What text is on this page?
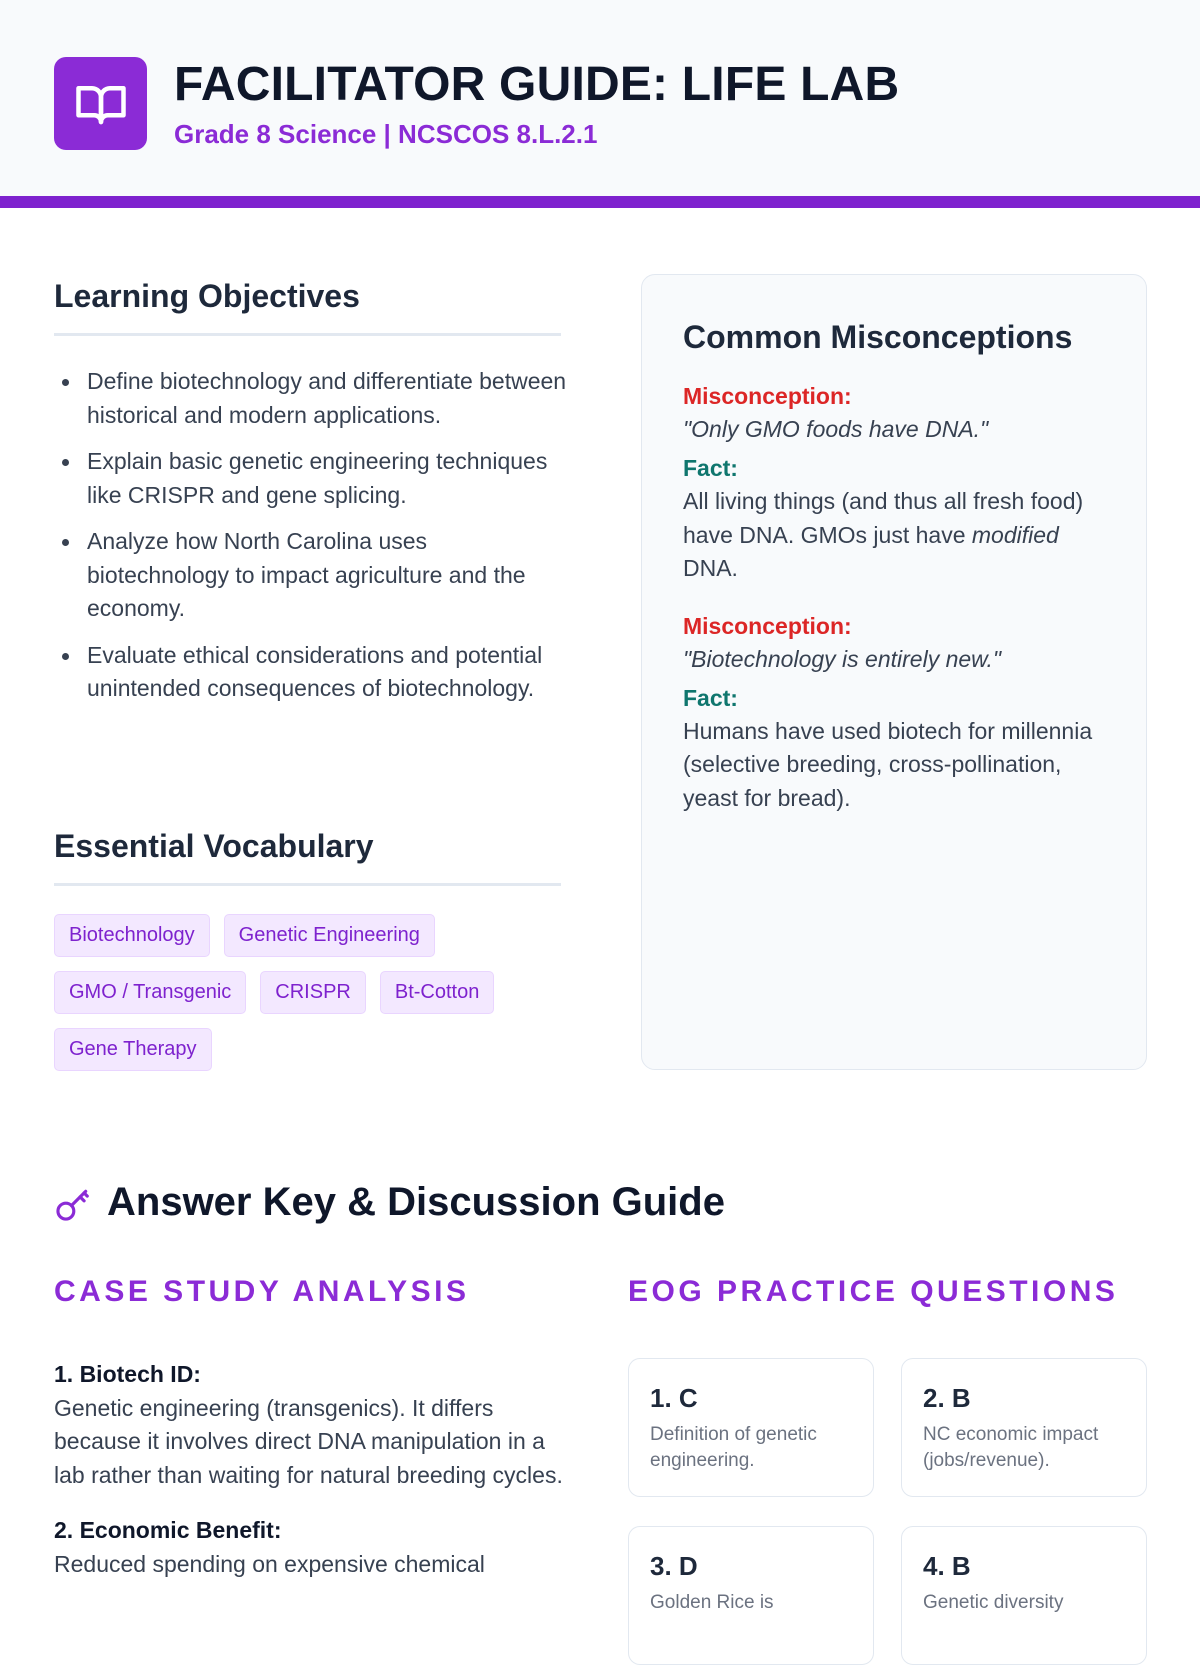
FACILITATOR GUIDE: LIFE LAB
Grade 8 Science | NCSCOS 8.L.2.1
Learning Objectives
Define biotechnology and differentiate between historical and modern applications.
Explain basic genetic engineering techniques like CRISPR and gene splicing.
Analyze how North Carolina uses biotechnology to impact agriculture and the economy.
Evaluate ethical considerations and potential unintended consequences of biotechnology.
Essential Vocabulary
Biotechnology	Genetic Engineering
GMO / Transgenic	CRISPR	Bt-Cotton
Gene Therapy
Common Misconceptions
Misconception:
"Only GMO foods have DNA."
Fact:
All living things (and thus all fresh food) have DNA. GMOs just have modified DNA.
Misconception:
"Biotechnology is entirely new."
Fact:
Humans have used biotech for millennia (selective breeding, cross-pollination, yeast for bread).
Answer Key & Discussion Guide
CASE STUDY ANALYSIS	EOG PRACTICE QUESTIONS
1. Biotech ID:
Genetic engineering (transgenics). It differs because it involves direct DNA manipulation in a lab rather than waiting for natural breeding cycles.
2. Economic Benefit:
Reduced spending on expensive chemical
1. C
Definition of genetic engineering.
2. B
NC economic impact (jobs/revenue).
3. D
Golden Rice is
4. B
Genetic diversity
